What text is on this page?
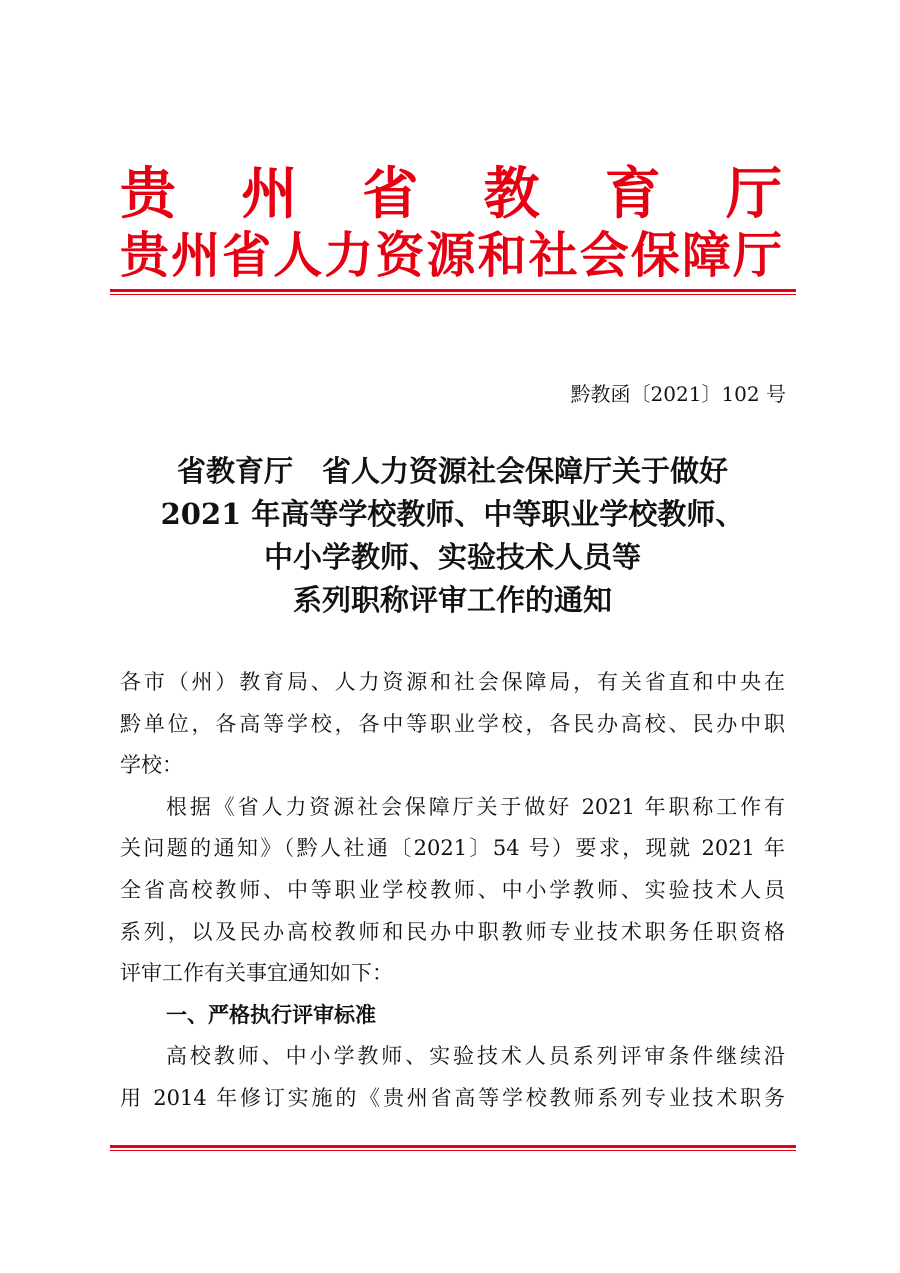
贵 州 省 教 育 厅
贵 州 省 人 力 资 源 和 社 会 保 障 厅
黔教函〔2021〕102 号
省教育厅　省人力资源社会保障厅关于做好
2021 年高等学校教师、中等职业学校教师、
中小学教师、实验技术人员等
系列职称评审工作的通知
各市（州）教育局、人力资源和社会保障局，有关省直和中央在
黔单位，各高等学校，各中等职业学校，各民办高校、民办中职
学校：
根据《省人力资源社会保障厅关于做好 2021 年职称工作有
关问题的通知》（黔人社通〔2021〕54 号）要求，现就 2021 年
全省高校教师、中等职业学校教师、中小学教师、实验技术人员
系列，以及民办高校教师和民办中职教师专业技术职务任职资格
评审工作有关事宜通知如下：
一、严格执行评审标准
高校教师、中小学教师、实验技术人员系列评审条件继续沿
用 2014 年修订实施的《贵州省高等学校教师系列专业技术职务
